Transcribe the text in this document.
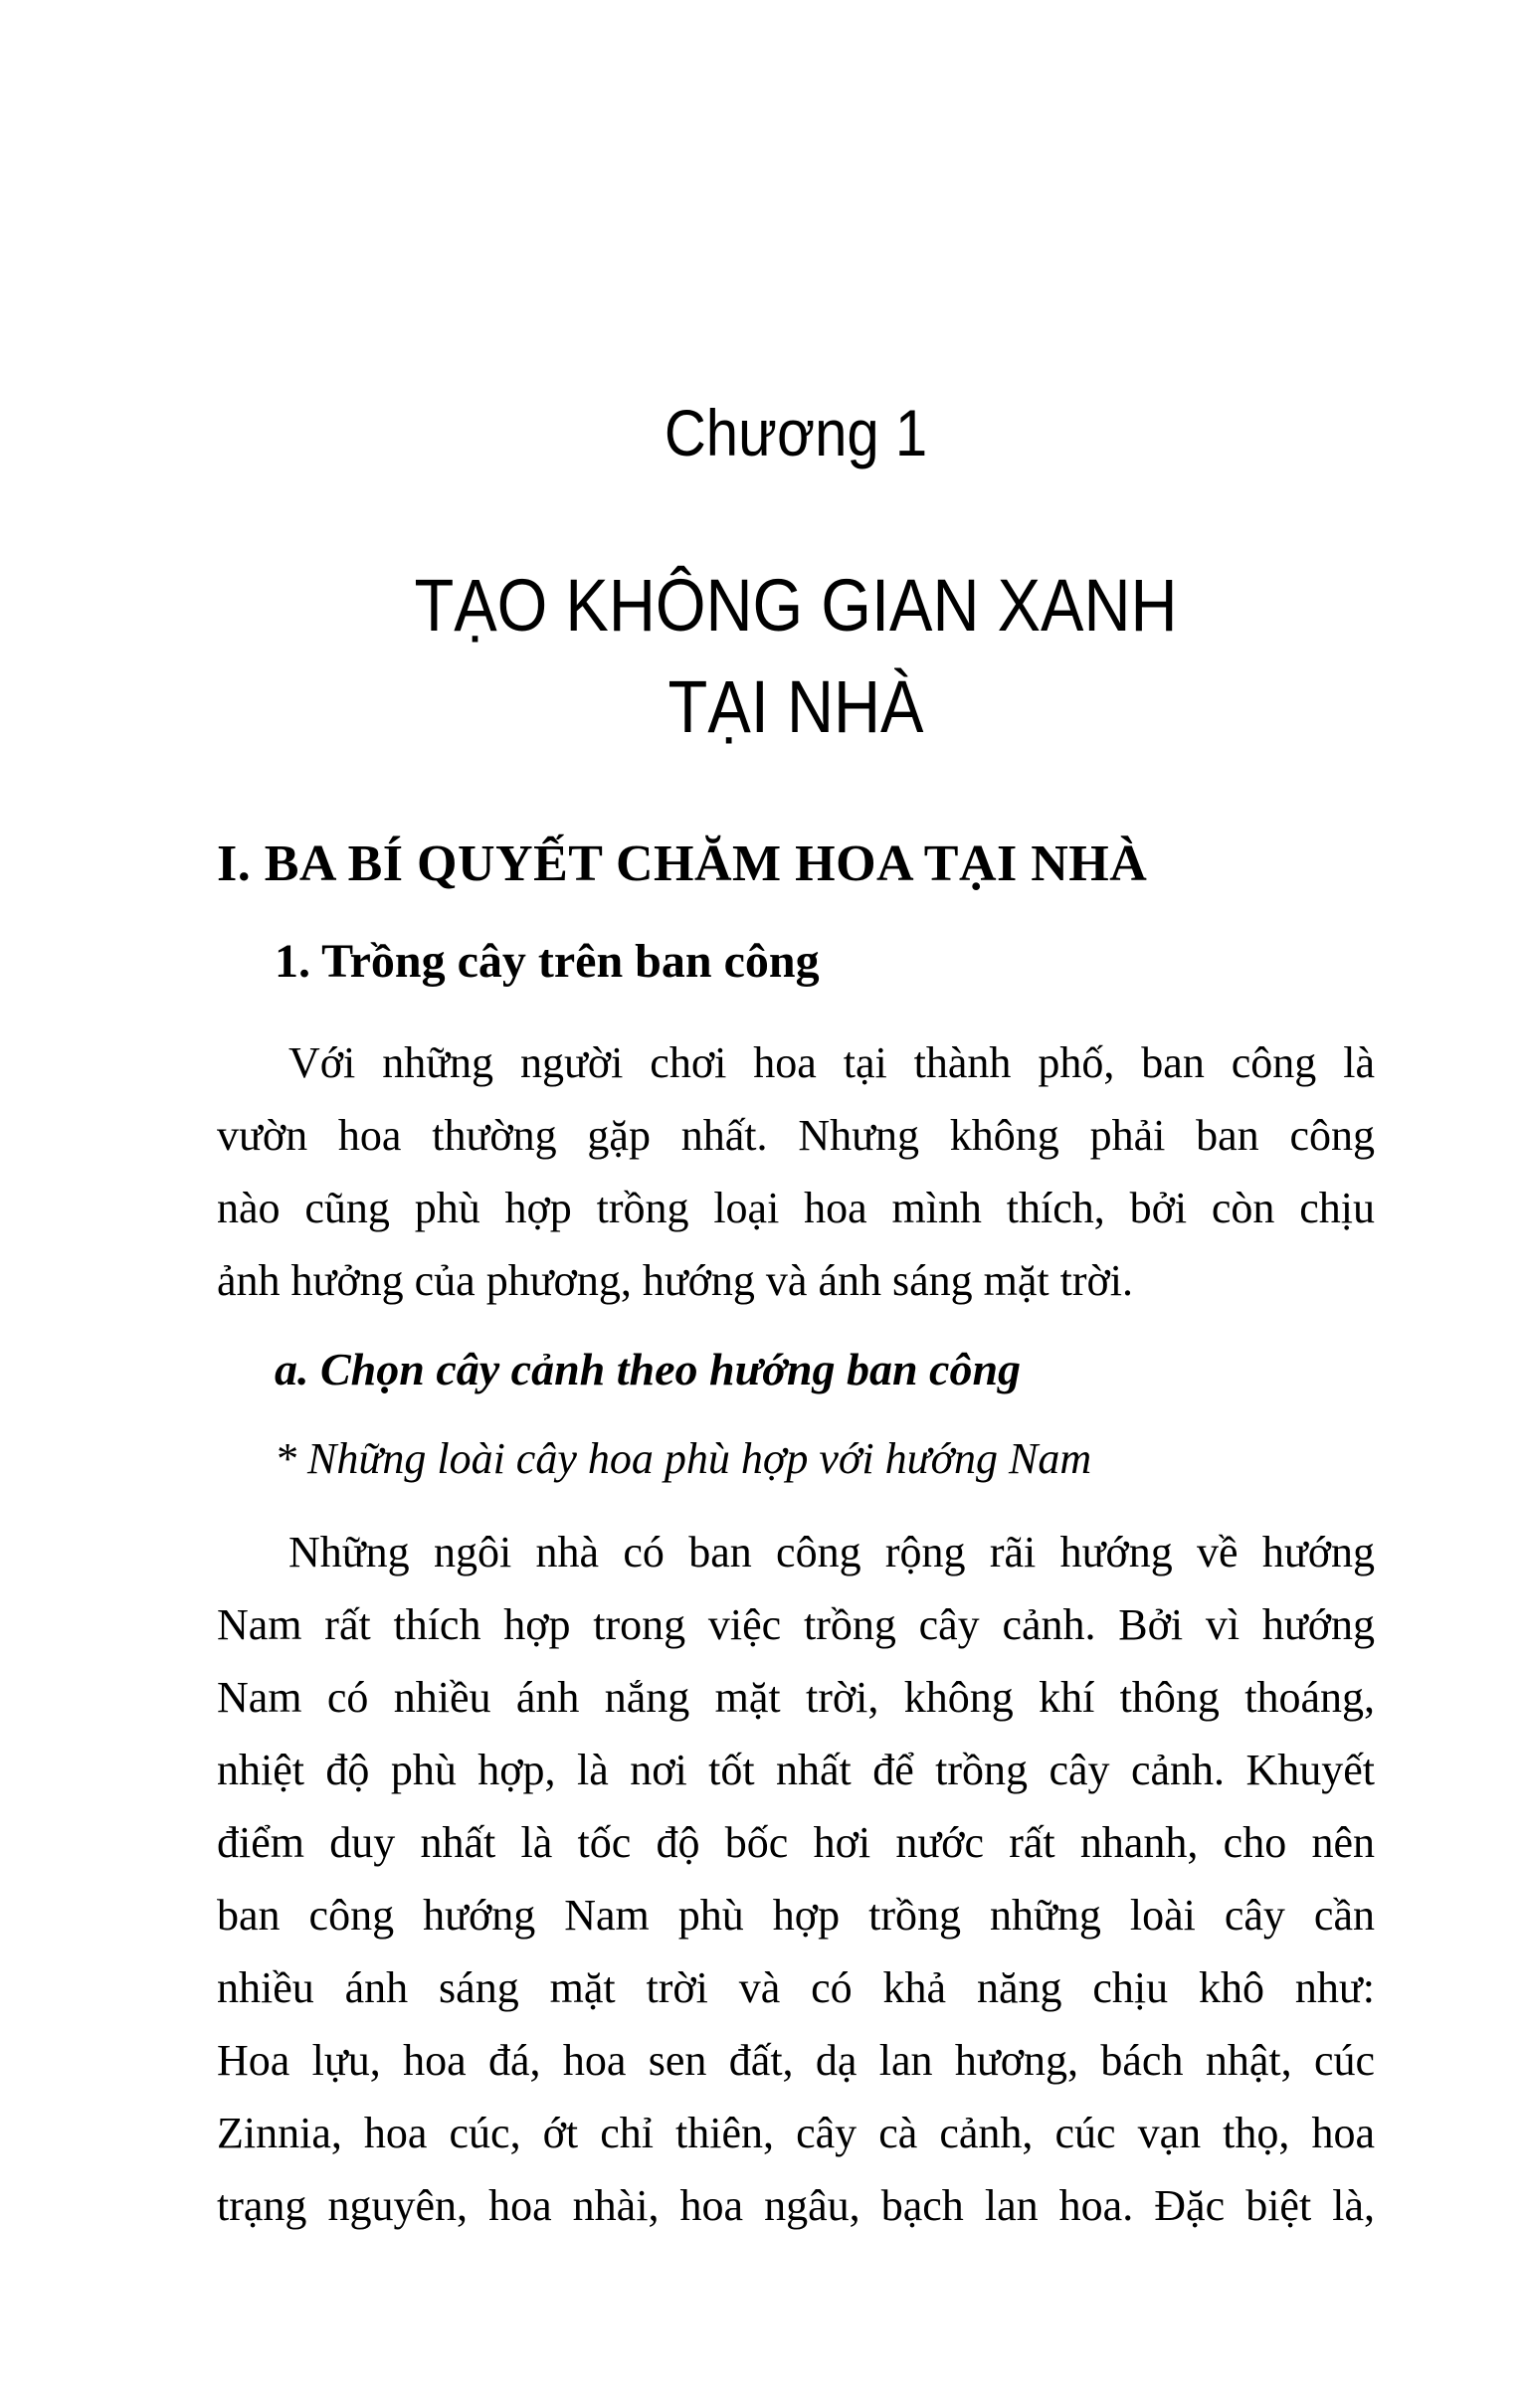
Chương 1
TẠO KHÔNG GIAN XANH
TẠI NHÀ
I. BA BÍ QUYẾT CHĂM HOA TẠI NHÀ
1. Trồng cây trên ban công
Với những người chơi hoa tại thành phố, ban công là
vườn hoa thường gặp nhất. Nhưng không phải ban công
nào cũng phù hợp trồng loại hoa mình thích, bởi còn chịu
ảnh hưởng của phương, hướng và ánh sáng mặt trời.
a. Chọn cây cảnh theo hướng ban công
* Những loài cây hoa phù hợp với hướng Nam
Những ngôi nhà có ban công rộng rãi hướng về hướng
Nam rất thích hợp trong việc trồng cây cảnh. Bởi vì hướng
Nam có nhiều ánh nắng mặt trời, không khí thông thoáng,
nhiệt độ phù hợp, là nơi tốt nhất để trồng cây cảnh. Khuyết
điểm duy nhất là tốc độ bốc hơi nước rất nhanh, cho nên
ban công hướng Nam phù hợp trồng những loài cây cần
nhiều ánh sáng mặt trời và có khả năng chịu khô như:
Hoa lựu, hoa đá, hoa sen đất, dạ lan hương, bách nhật, cúc
Zinnia, hoa cúc, ớt chỉ thiên, cây cà cảnh, cúc vạn thọ, hoa
trạng nguyên, hoa nhài, hoa ngâu, bạch lan hoa. Đặc biệt là,
